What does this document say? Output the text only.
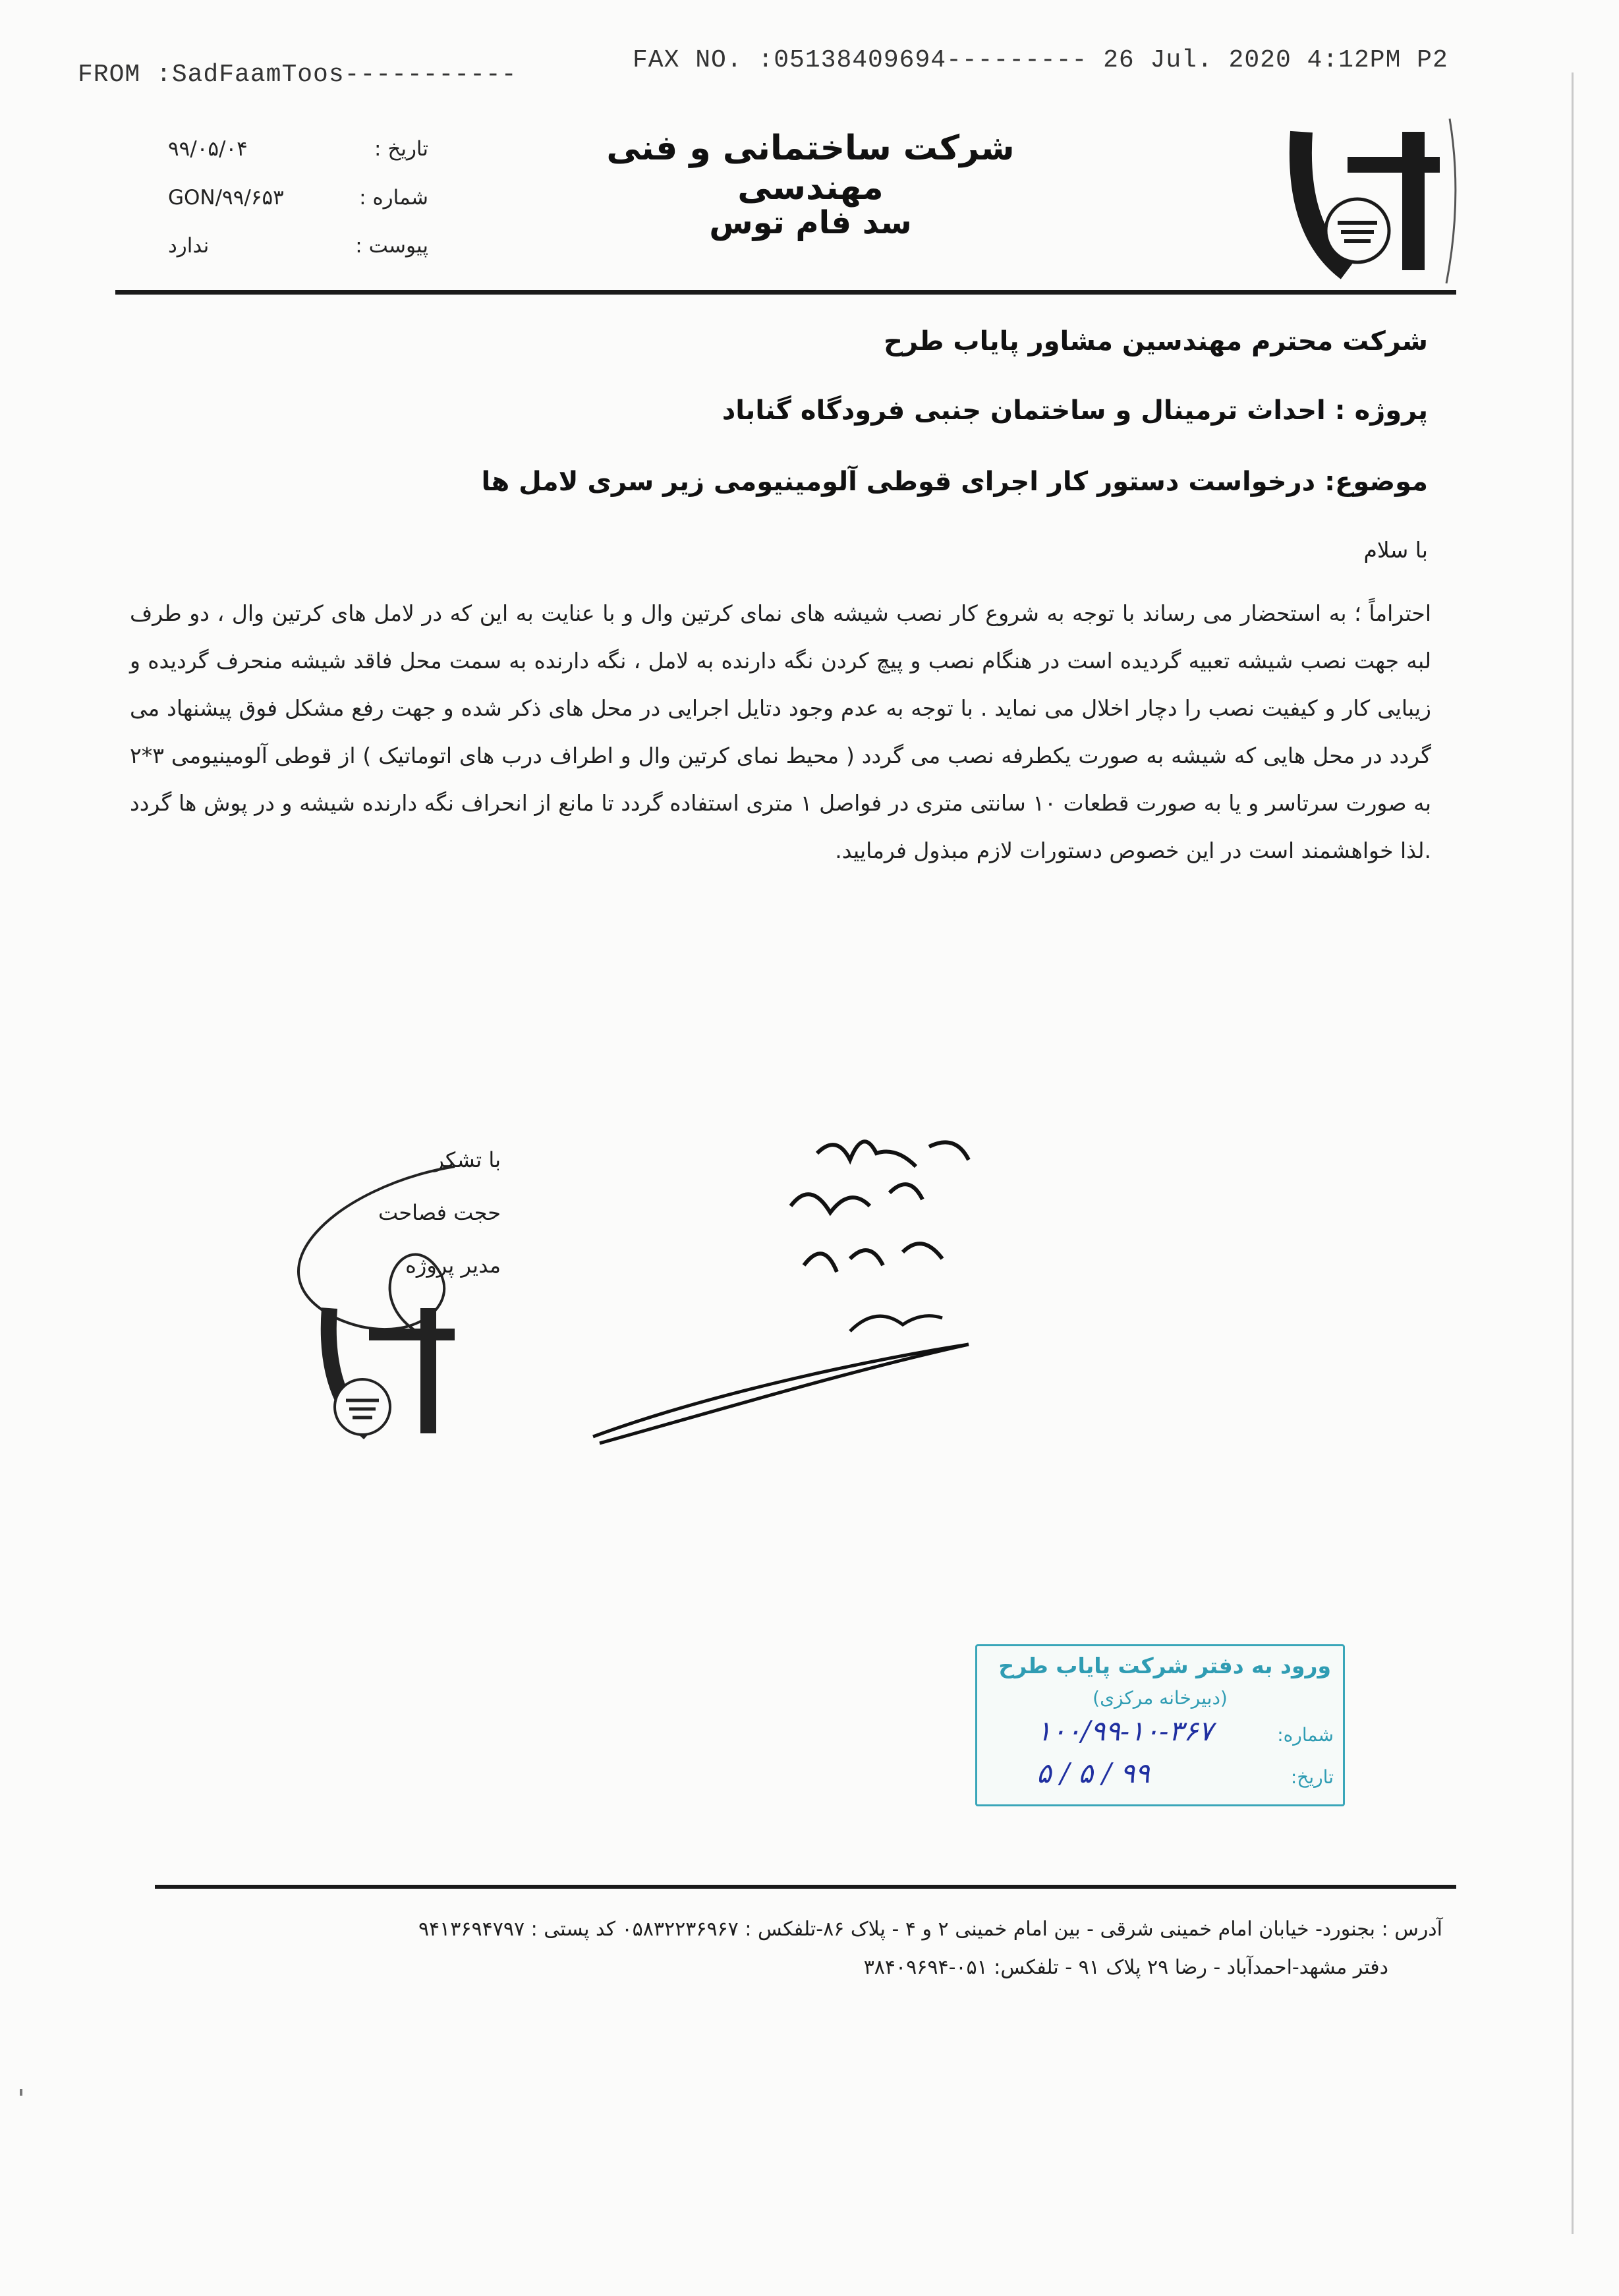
FROM :SadFaamToos-----------
FAX NO. :05138409694--------- 26 Jul. 2020 4:12PM P2
شرکت ساختمانی و فنی مهندسی
سد فام توس
تاریخ :
۹۹/۰۵/۰۴
شماره :
GON/۹۹/۶۵۳
پیوست :
ندارد
شرکت محترم مهندسین مشاور پایاب طرح
پروژه : احداث ترمینال و ساختمان جنبی فرودگاه گناباد
موضوع: درخواست دستور کار اجرای قوطی آلومینیومی زیر سری لامل ها
با سلام
احتراماً ؛ به استحضار می رساند با توجه به شروع کار نصب شیشه های نمای کرتین وال و با عنایت به این که در لامل های کرتین وال ، دو طرف لبه جهت نصب شیشه تعبیه گردیده است در هنگام نصب و پیچ کردن نگه دارنده به لامل ، نگه دارنده به سمت محل فاقد شیشه منحرف گردیده و زیبایی کار و کیفیت نصب را دچار اخلال می نماید . با توجه به عدم وجود دتایل اجرایی در محل های ذکر شده و جهت رفع مشکل فوق پیشنهاد می گردد در محل هایی که شیشه به صورت یکطرفه نصب می گردد ( محیط نمای کرتین وال و اطراف درب های اتوماتیک ) از قوطی آلومینیومی ۳*۲ به صورت سرتاسر و یا به صورت قطعات ۱۰ سانتی متری در فواصل ۱ متری استفاده گردد تا مانع از انحراف نگه دارنده شیشه و در پوش ها گردد .لذا خواهشمند است در این خصوص دستورات لازم مبذول فرمایید.
با تشکر
حجت فصاحت
مدیر پروژه
ورود به دفتر شرکت پایاب طرح
(دبیرخانه مرکزی)
شماره:
۱۰۰/۹۹-۱۰-۳۶۷
تاریخ:
۹۹ / ۵ / ۵
آدرس : بجنورد- خیابان امام خمینی شرقی - بین امام خمینی ۲ و ۴ - پلاک ۸۶-تلفکس : ۰۵۸۳۲۲۳۶۹۶۷ کد پستی : ۹۴۱۳۶۹۴۷۹۷
دفتر مشهد-احمدآباد - رضا ۲۹ پلاک ۹۱ - تلفکس: ۰۵۱-۳۸۴۰۹۶۹۴
